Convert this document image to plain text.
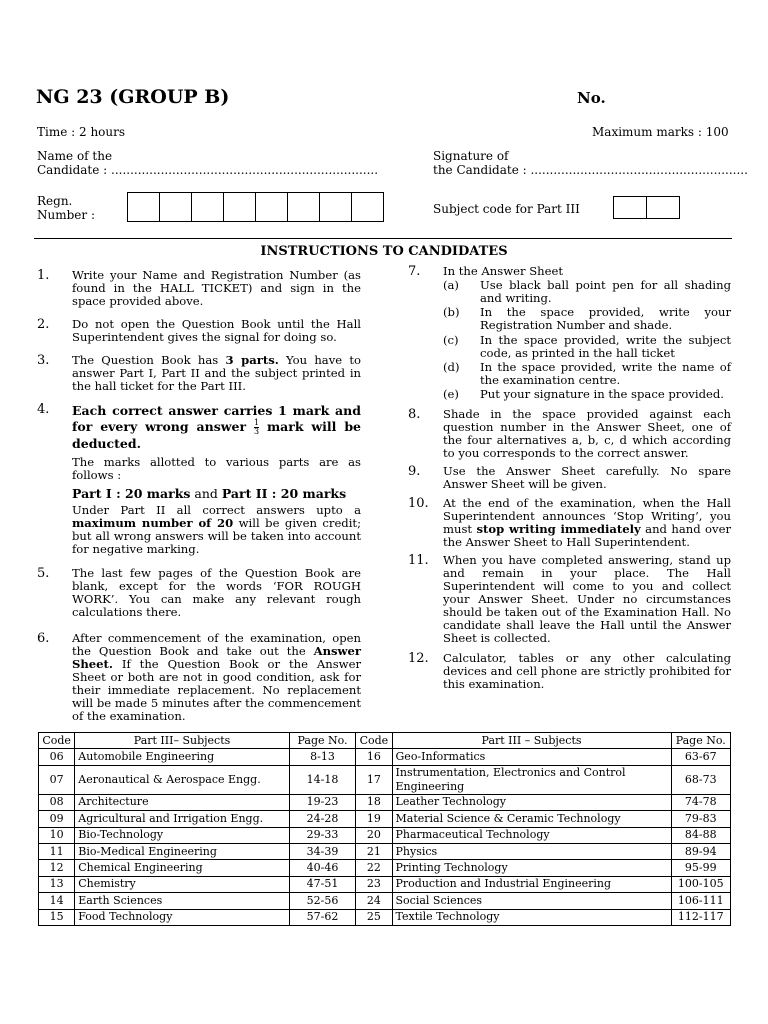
NG 23 (GROUP B)	No.
Time : 2 hours	Maximum marks : 100
Name of the
Candidate : ......................................................................
Signature of
the Candidate : .........................................................
Regn.
Number :	Subject code for Part III
INSTRUCTIONS TO CANDIDATES
1. Write your Name and Registration Number (as found in the HALL TICKET) and sign in the space provided above.
2. Do not open the Question Book until the Hall Superintendent gives the signal for doing so.
3. The Question Book has 3 parts. You have to answer Part I, Part II and the subject printed in the hall ticket for the Part III.
4. Each correct answer carries 1 mark and for every wrong answer $\frac{1}{3}$ mark will be deducted.
The marks allotted to various parts are as follows :
Part I : 20 marks and Part II : 20 marks
Under Part II all correct answers upto a maximum number of 20 will be given credit; but all wrong answers will be taken into account for negative marking.
5. The last few pages of the Question Book are blank, except for the words ‘FOR ROUGH WORK’. You can make any relevant rough calculations there.
6. After commencement of the examination, open the Question Book and take out the Answer Sheet. If the Question Book or the Answer Sheet or both are not in good condition, ask for their immediate replacement. No replacement will be made 5 minutes after the commencement of the examination.
7. In the Answer Sheet
(a) Use black ball point pen for all shading and writing.
(b) In the space provided, write your Registration Number and shade.
(c) In the space provided, write the subject code, as printed in the hall ticket
(d) In the space provided, write the name of the examination centre.
(e) Put your signature in the space provided.
8. Shade in the space provided against each question number in the Answer Sheet, one of the four alternatives a, b, c, d which according to you corresponds to the correct answer.
9. Use the Answer Sheet carefully. No spare Answer Sheet will be given.
10. At the end of the examination, when the Hall Superintendent announces ‘Stop Writing’, you must stop writing immediately and hand over the Answer Sheet to Hall Superintendent.
11. When you have completed answering, stand up and remain in your place. The Hall Superintendent will come to you and collect your Answer Sheet. Under no circumstances should be taken out of the Examination Hall. No candidate shall leave the Hall until the Answer Sheet is collected.
12. Calculator, tables or any other calculating devices and cell phone are strictly prohibited for this examination.
Code	Part III– Subjects	Page No.	Code	Part III – Subjects	Page No.
06	Automobile Engineering	8-13	16	Geo-Informatics	63-67
07	Aeronautical & Aerospace Engg.	14-18	17	Instrumentation, Electronics and Control Engineering	68-73
08	Architecture	19-23	18	Leather Technology	74-78
09	Agricultural and Irrigation Engg.	24-28	19	Material Science & Ceramic Technology	79-83
10	Bio-Technology	29-33	20	Pharmaceutical Technology	84-88
11	Bio-Medical Engineering	34-39	21	Physics	89-94
12	Chemical Engineering	40-46	22	Printing Technology	95-99
13	Chemistry	47-51	23	Production and Industrial Engineering	100-105
14	Earth Sciences	52-56	24	Social Sciences	106-111
15	Food Technology	57-62	25	Textile Technology	112-117
